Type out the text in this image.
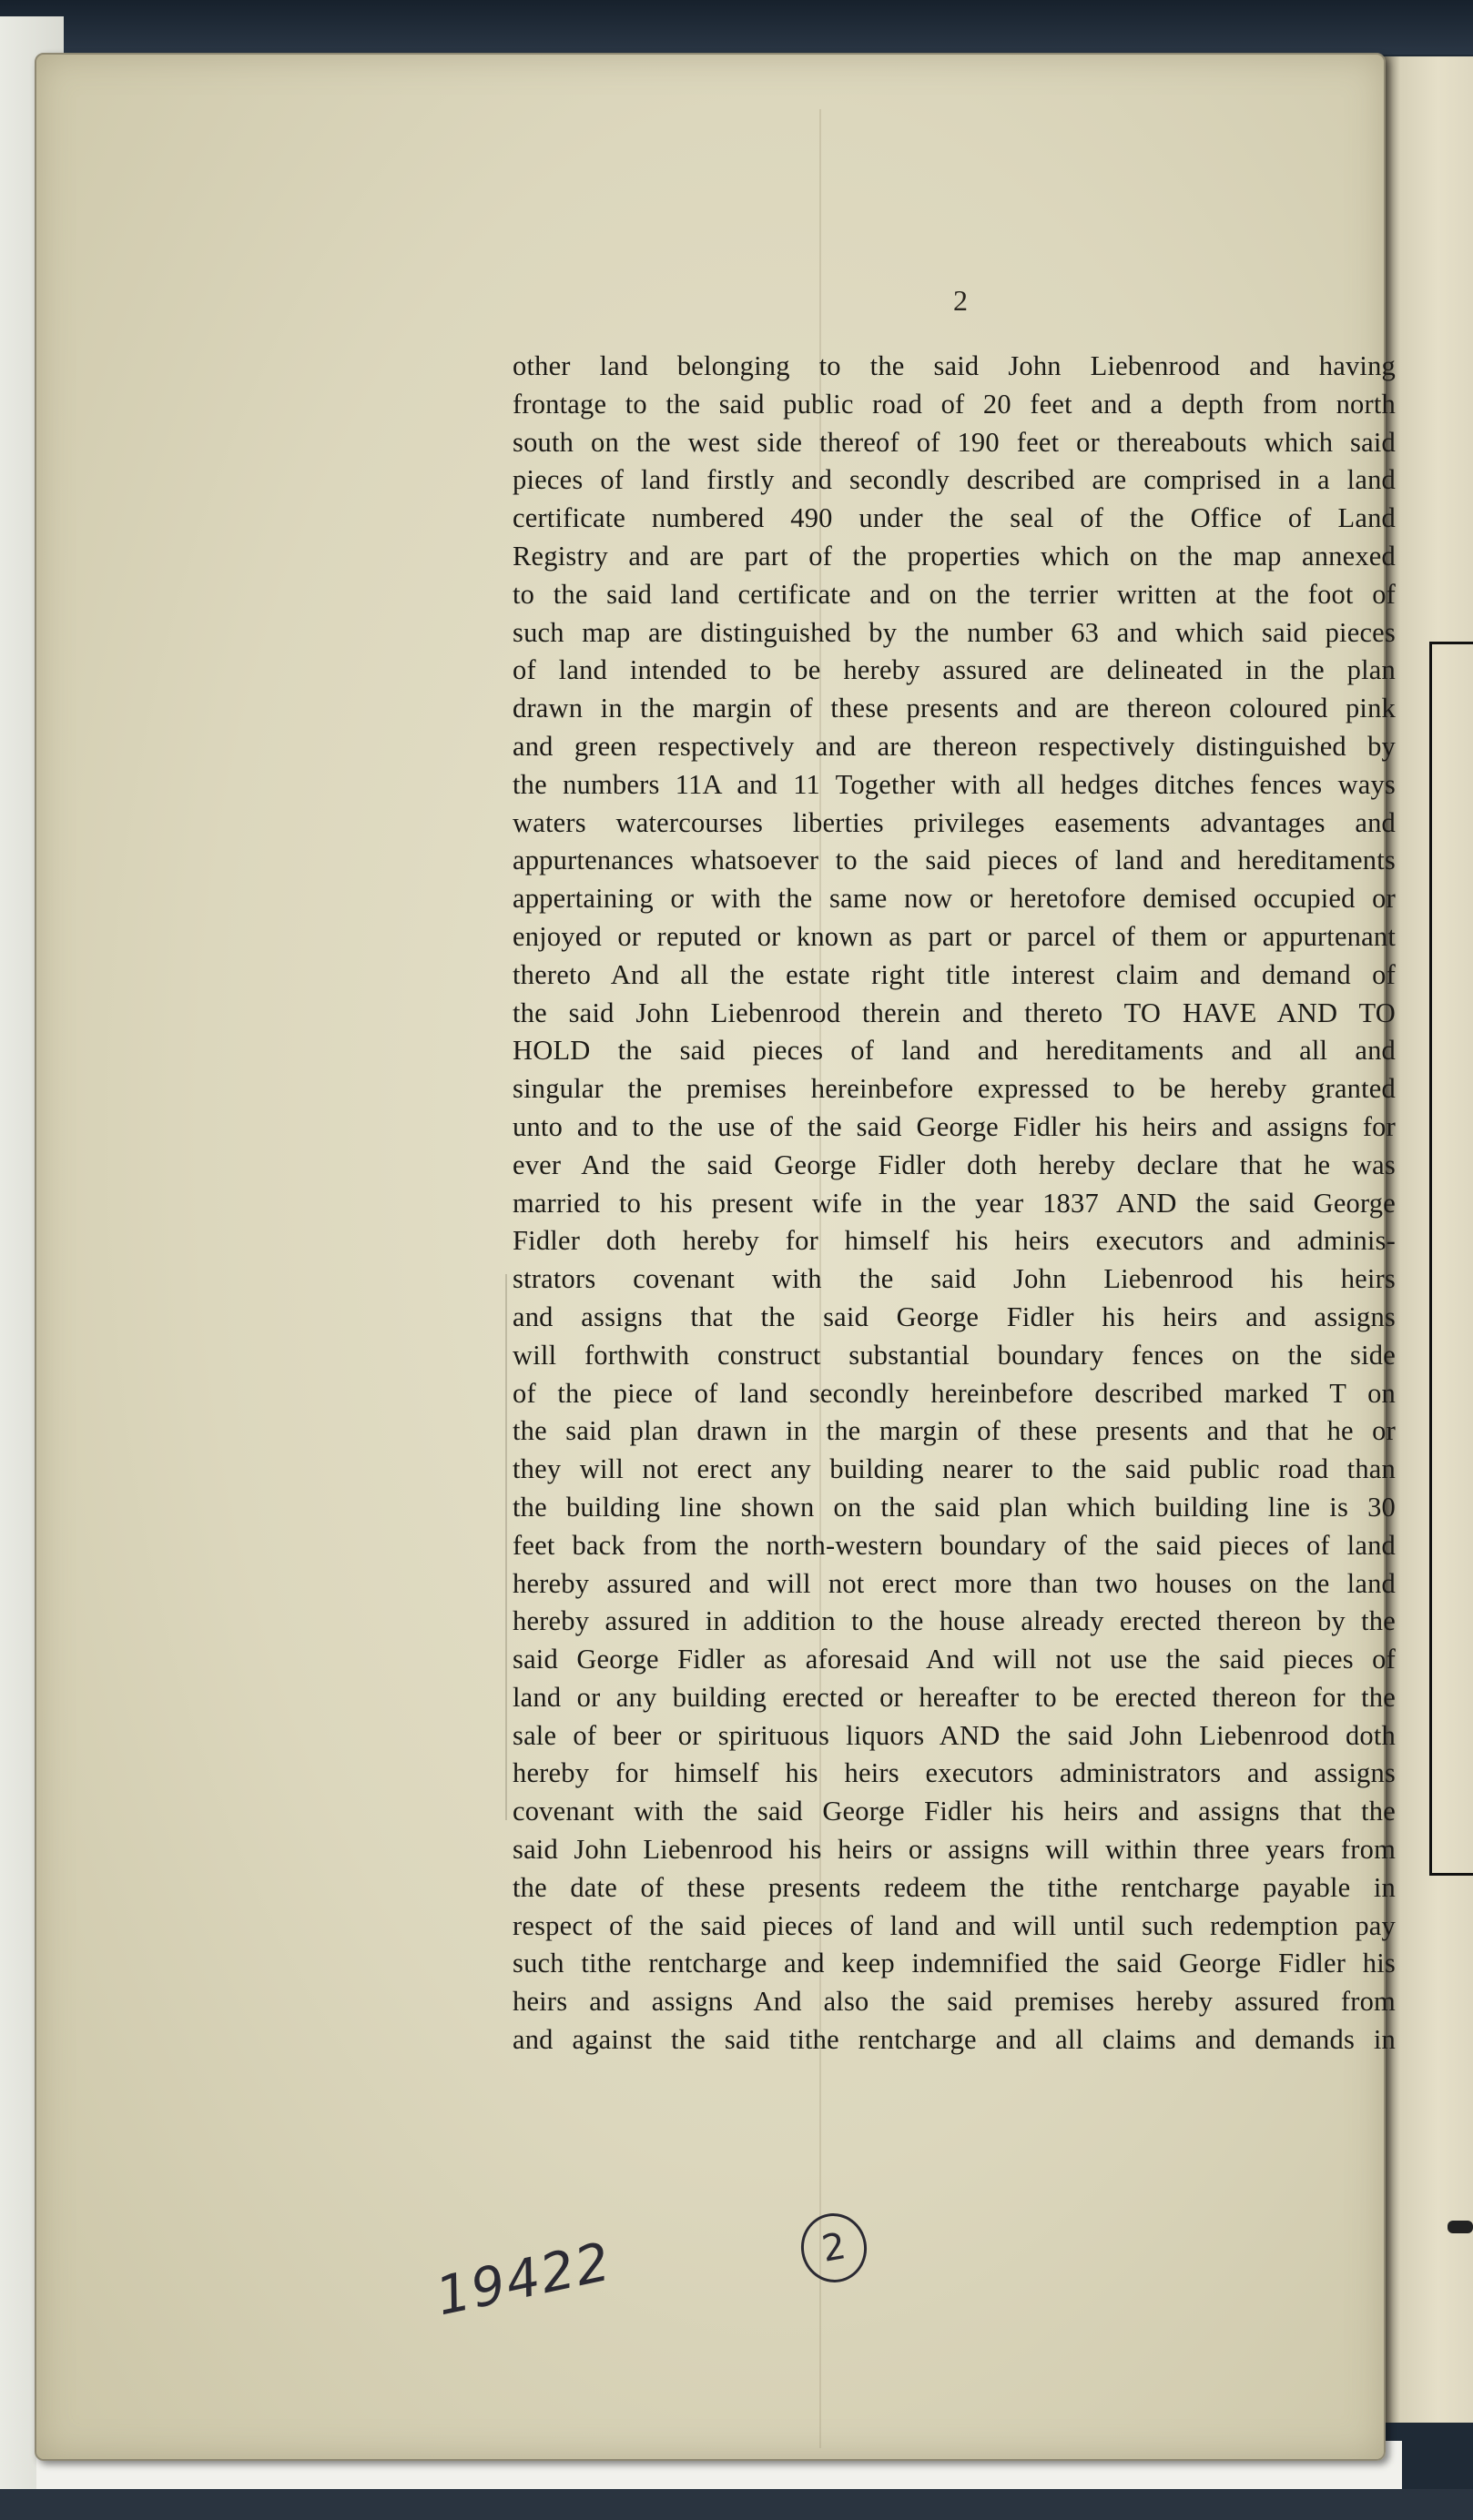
2
other land belonging to the said John Liebenrood and having
frontage to the said public road of 20 feet and a depth from north
south on the west side thereof of 190 feet or thereabouts which said
pieces of land firstly and secondly described are comprised in a land
certificate numbered 490 under the seal of the Office of Land
Registry and are part of the properties which on the map annexed
to the said land certificate and on the terrier written at the foot of
such map are distinguished by the number 63 and which said pieces
of land intended to be hereby assured are delineated in the plan
drawn in the margin of these presents and are thereon coloured pink
and green respectively and are thereon respectively distinguished by
the numbers 11A and 11 Together with all hedges ditches fences ways
waters watercourses liberties privileges easements advantages and
appurtenances whatsoever to the said pieces of land and hereditaments
appertaining or with the same now or heretofore demised occupied or
enjoyed or reputed or known as part or parcel of them or appurtenant
thereto And all the estate right title interest claim and demand of
the said John Liebenrood therein and thereto TO HAVE AND TO
HOLD the said pieces of land and hereditaments and all and
singular the premises hereinbefore expressed to be hereby granted
unto and to the use of the said George Fidler his heirs and assigns for
ever And the said George Fidler doth hereby declare that he was
married to his present wife in the year 1837 AND the said George
Fidler doth hereby for himself his heirs executors and adminis-
strators covenant with the said John Liebenrood his heirs
and assigns that the said George Fidler his heirs and assigns
will forthwith construct substantial boundary fences on the side
of the piece of land secondly hereinbefore described marked T on
the said plan drawn in the margin of these presents and that he or
they will not erect any building nearer to the said public road than
the building line shown on the said plan which building line is 30
feet back from the north-western boundary of the said pieces of land
hereby assured and will not erect more than two houses on the land
hereby assured in addition to the house already erected thereon by the
said George Fidler as aforesaid And will not use the said pieces of
land or any building erected or hereafter to be erected thereon for the
sale of beer or spirituous liquors AND the said John Liebenrood doth
hereby for himself his heirs executors administrators and assigns
covenant with the said George Fidler his heirs and assigns that the
said John Liebenrood his heirs or assigns will within three years from
the date of these presents redeem the tithe rentcharge payable in
respect of the said pieces of land and will until such redemption pay
such tithe rentcharge and keep indemnified the said George Fidler his
heirs and assigns And also the said premises hereby assured from
and against the said tithe rentcharge and all claims and demands in
19422	2
